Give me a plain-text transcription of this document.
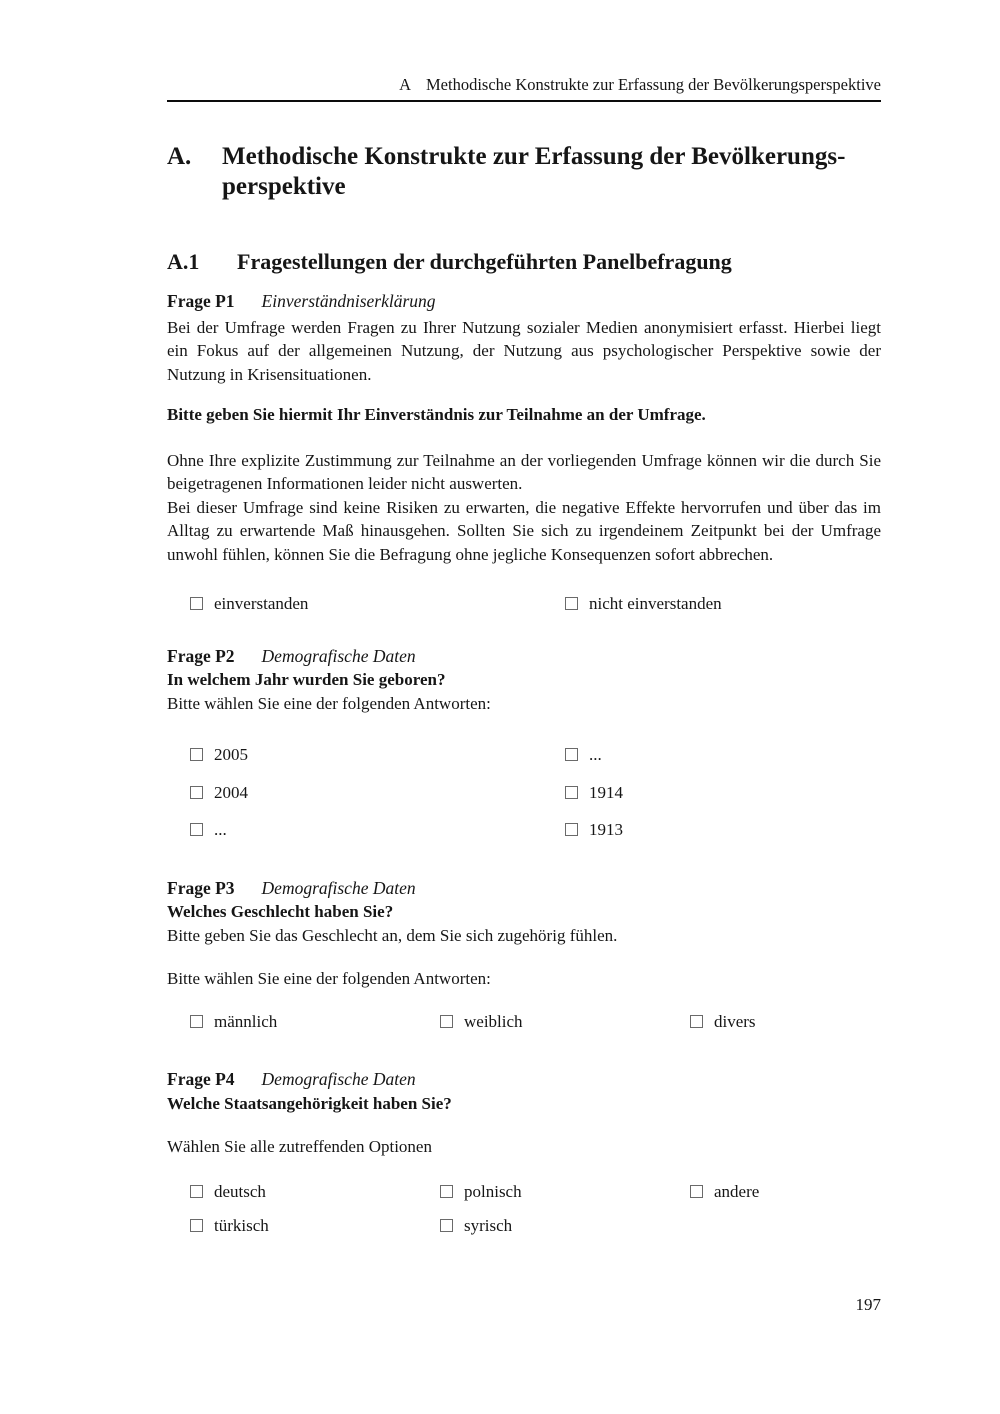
A Methodische Konstrukte zur Erfassung der Bevölkerungsperspektive
A.	Methodische Konstrukte zur Erfassung der Bevölkerungs-
perspektive
A.1	Fragestellungen der durchgeführten Panelbefragung
Frage P1 Einverständniserklärung

Bei der Umfrage werden Fragen zu Ihrer Nutzung sozialer Medien anonymisiert erfasst. Hierbei liegt ein Fokus auf der allgemeinen Nutzung, der Nutzung aus psychologischer Perspektive sowie der Nutzung in Krisensituationen.

Bitte geben Sie hiermit Ihr Einverständnis zur Teilnahme an der Umfrage.

Ohne Ihre explizite Zustimmung zur Teilnahme an der vorliegenden Umfrage können wir die durch Sie beigetragenen Informationen leider nicht auswerten.

Bei dieser Umfrage sind keine Risiken zu erwarten, die negative Effekte hervorrufen und über das im Alltag zu erwartende Maß hinausgehen. Sollten Sie sich zu irgendeinem Zeitpunkt bei der Umfrage unwohl fühlen, können Sie die Befragung ohne jegliche Konsequenzen sofort abbrechen.

einverstanden	nicht einverstanden
Frage P2 Demografische Daten

In welchem Jahr wurden Sie geboren?

Bitte wählen Sie eine der folgenden Antworten:

2005	...
2004	1914
...	1913
Frage P3 Demografische Daten

Welches Geschlecht haben Sie?

Bitte geben Sie das Geschlecht an, dem Sie sich zugehörig fühlen.

Bitte wählen Sie eine der folgenden Antworten:

männlich	weiblich	divers
Frage P4 Demografische Daten

Welche Staatsangehörigkeit haben Sie?

Wählen Sie alle zutreffenden Optionen

deutsch	polnisch	andere
türkisch	syrisch
197
